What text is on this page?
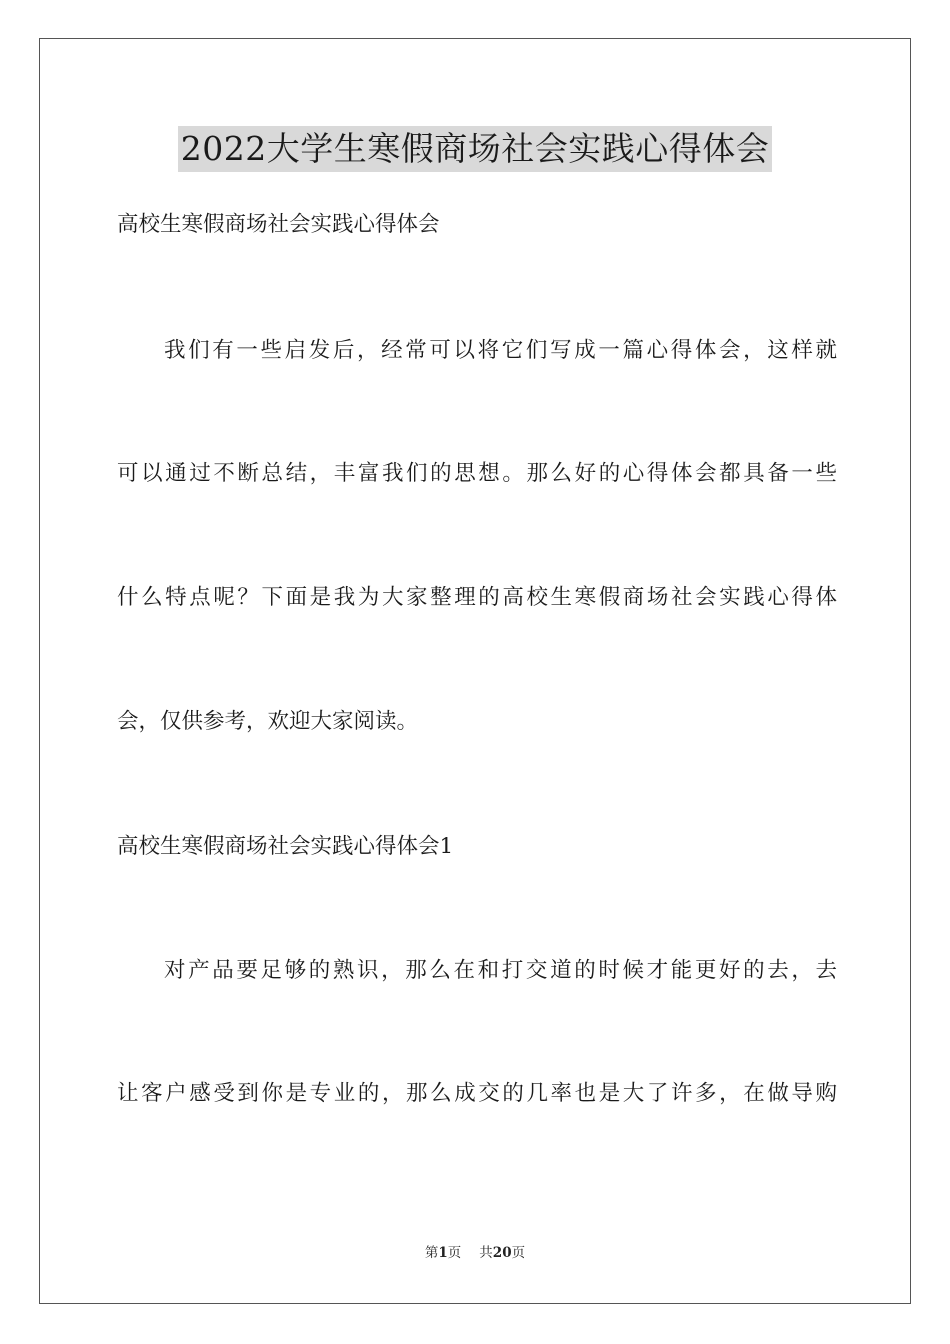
2022大学生寒假商场社会实践心得体会

高校生寒假商场社会实践心得体会

我们有一些启发后，经常可以将它们写成一篇心得体会，这样就

可以通过不断总结，丰富我们的思想。那么好的心得体会都具备一些

什么特点呢？下面是我为大家整理的高校生寒假商场社会实践心得体

会，仅供参考，欢迎大家阅读。

高校生寒假商场社会实践心得体会1

对产品要足够的熟识，那么在和打交道的时候才能更好的去，去

让客户感受到你是专业的，那么成交的几率也是大了许多，在做导购

第1页 共20页
